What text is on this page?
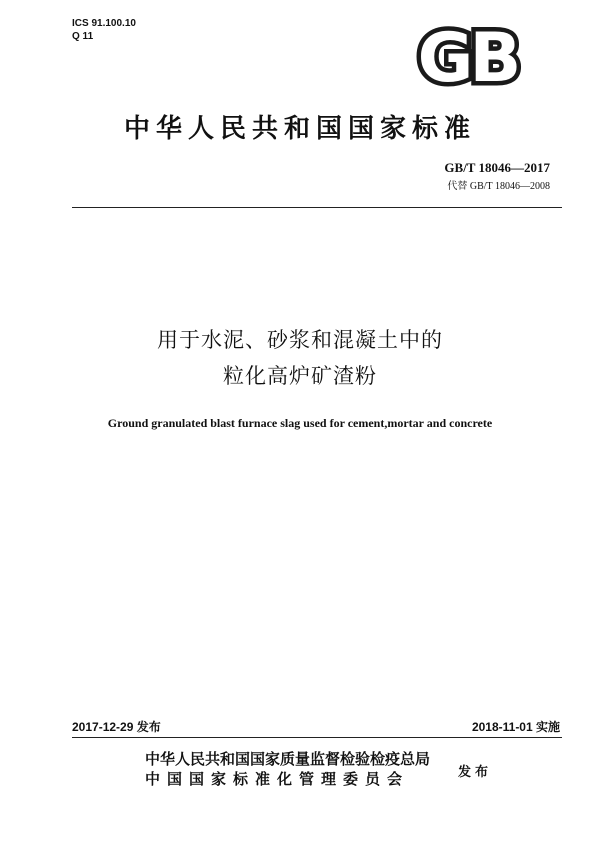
ICS 91.100.10
Q 11	GB
中华人民共和国国家标准
GB/T 18046—2017
代替 GB/T 18046—2008
用于水泥、砂浆和混凝土中的
粒化高炉矿渣粉
Ground granulated blast furnace slag used for cement,mortar and concrete
2017-12-29 发布	2018-11-01 实施
中华人民共和国国家质量监督检验检疫总局
中国国家标准化管理委员会	发布
